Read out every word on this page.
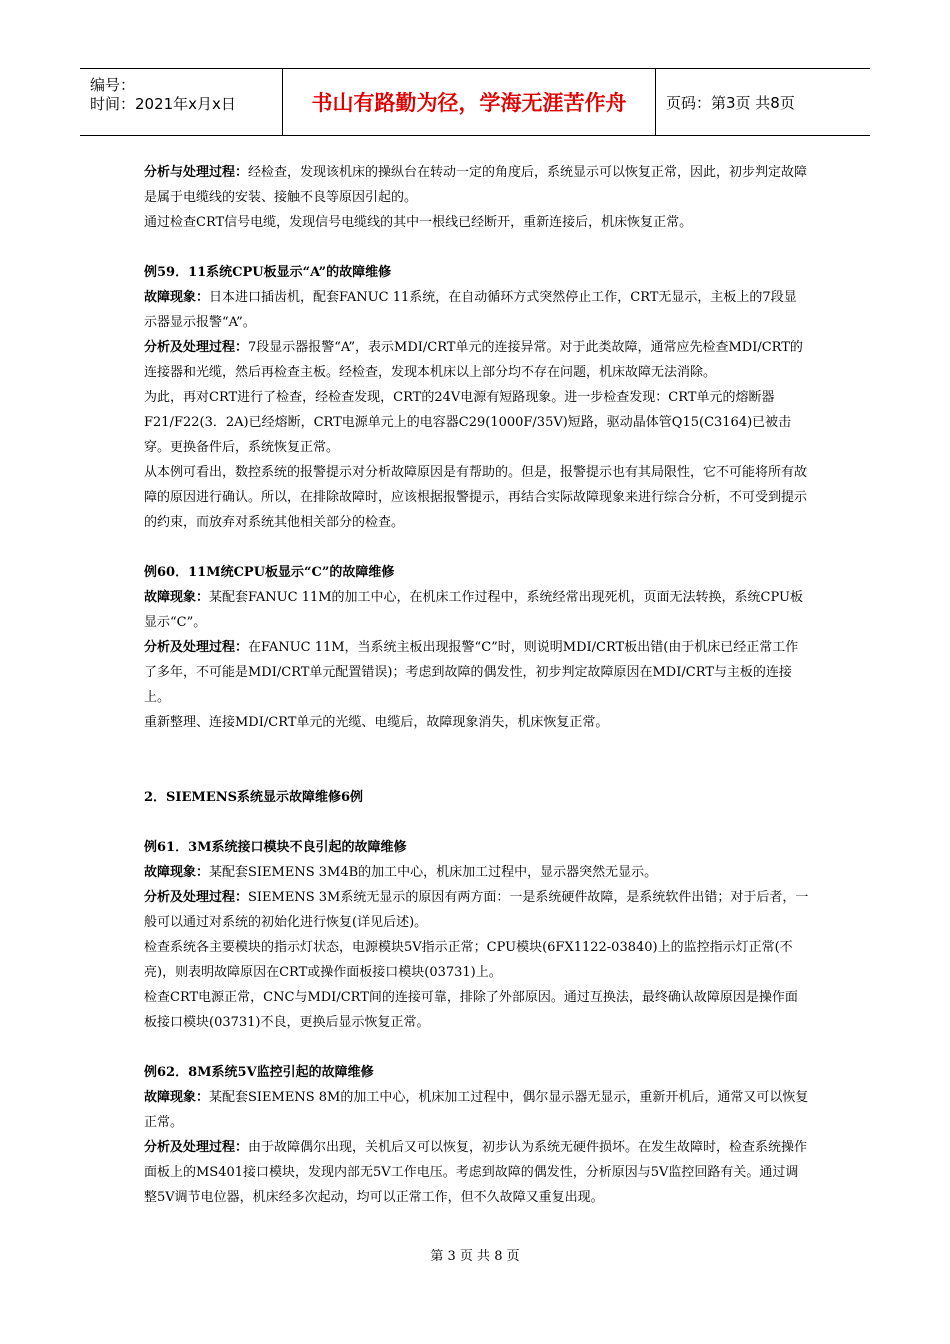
编号：
时间：2021年x月x日	书山有路勤为径，学海无涯苦作舟	页码：第3页 共8页

分析与处理过程：经检查，发现该机床的操纵台在转动一定的角度后，系统显示可以恢复正常，因此，初步判定故障是属于电缆线的安装、接触不良等原因引起的。

通过检查CRT信号电缆，发现信号电缆线的其中一根线已经断开，重新连接后，机床恢复正常。

例59．11系统CPU板显示“A”的故障维修

故障现象：日本进口插齿机，配套FANUC 11系统，在自动循环方式突然停止工作，CRT无显示，主板上的7段显示器显示报警“A”。

分析及处理过程：7段显示器报警“A”，表示MDI/CRT单元的连接异常。对于此类故障，通常应先检查MDI/CRT的连接器和光缆，然后再检查主板。经检查，发现本机床以上部分均不存在问题，机床故障无法消除。

为此，再对CRT进行了检查，经检查发现，CRT的24V电源有短路现象。进一步检查发现：CRT单元的熔断器F21/F22(3．2A)已经熔断，CRT电源单元上的电容器C29(1000F/35V)短路，驱动晶体管Q15(C3164)已被击穿。更换备件后，系统恢复正常。

从本例可看出，数控系统的报警提示对分析故障原因是有帮助的。但是，报警提示也有其局限性，它不可能将所有故障的原因进行确认。所以，在排除故障时，应该根据报警提示，再结合实际故障现象来进行综合分析，不可受到提示的约束，而放弃对系统其他相关部分的检查。

例60．11M统CPU板显示“C”的故障维修

故障现象：某配套FANUC 11M的加工中心，在机床工作过程中，系统经常出现死机，页面无法转换，系统CPU板显示“C”。

分析及处理过程：在FANUC 11M，当系统主板出现报警“C”时，则说明MDI/CRT板出错(由于机床已经正常工作了多年，不可能是MDI/CRT单元配置错误)；考虑到故障的偶发性，初步判定故障原因在MDI/CRT与主板的连接上。

重新整理、连接MDI/CRT单元的光缆、电缆后，故障现象消失，机床恢复正常。

2．SIEMENS系统显示故障维修6例

例61．3M系统接口模块不良引起的故障维修

故障现象：某配套SIEMENS 3M4B的加工中心，机床加工过程中，显示器突然无显示。

分析及处理过程：SIEMENS 3M系统无显示的原因有两方面：一是系统硬件故障，是系统软件出错；对于后者，一般可以通过对系统的初始化进行恢复(详见后述)。

检查系统各主要模块的指示灯状态，电源模块5V指示正常；CPU模块(6FX1122-03840)上的监控指示灯正常(不亮)，则表明故障原因在CRT或操作面板接口模块(03731)上。

检查CRT电源正常，CNC与MDI/CRT间的连接可靠，排除了外部原因。通过互换法，最终确认故障原因是操作面板接口模块(03731)不良，更换后显示恢复正常。

例62．8M系统5V监控引起的故障维修

故障现象：某配套SIEMENS 8M的加工中心，机床加工过程中，偶尔显示器无显示，重新开机后，通常又可以恢复正常。

分析及处理过程：由于故障偶尔出现，关机后又可以恢复，初步认为系统无硬件损坏。在发生故障时，检查系统操作面板上的MS401接口模块，发现内部无5V工作电压。考虑到故障的偶发性，分析原因与5V监控回路有关。通过调整5V调节电位器，机床经多次起动，均可以正常工作，但不久故障又重复出现。

第 3 页 共 8 页
